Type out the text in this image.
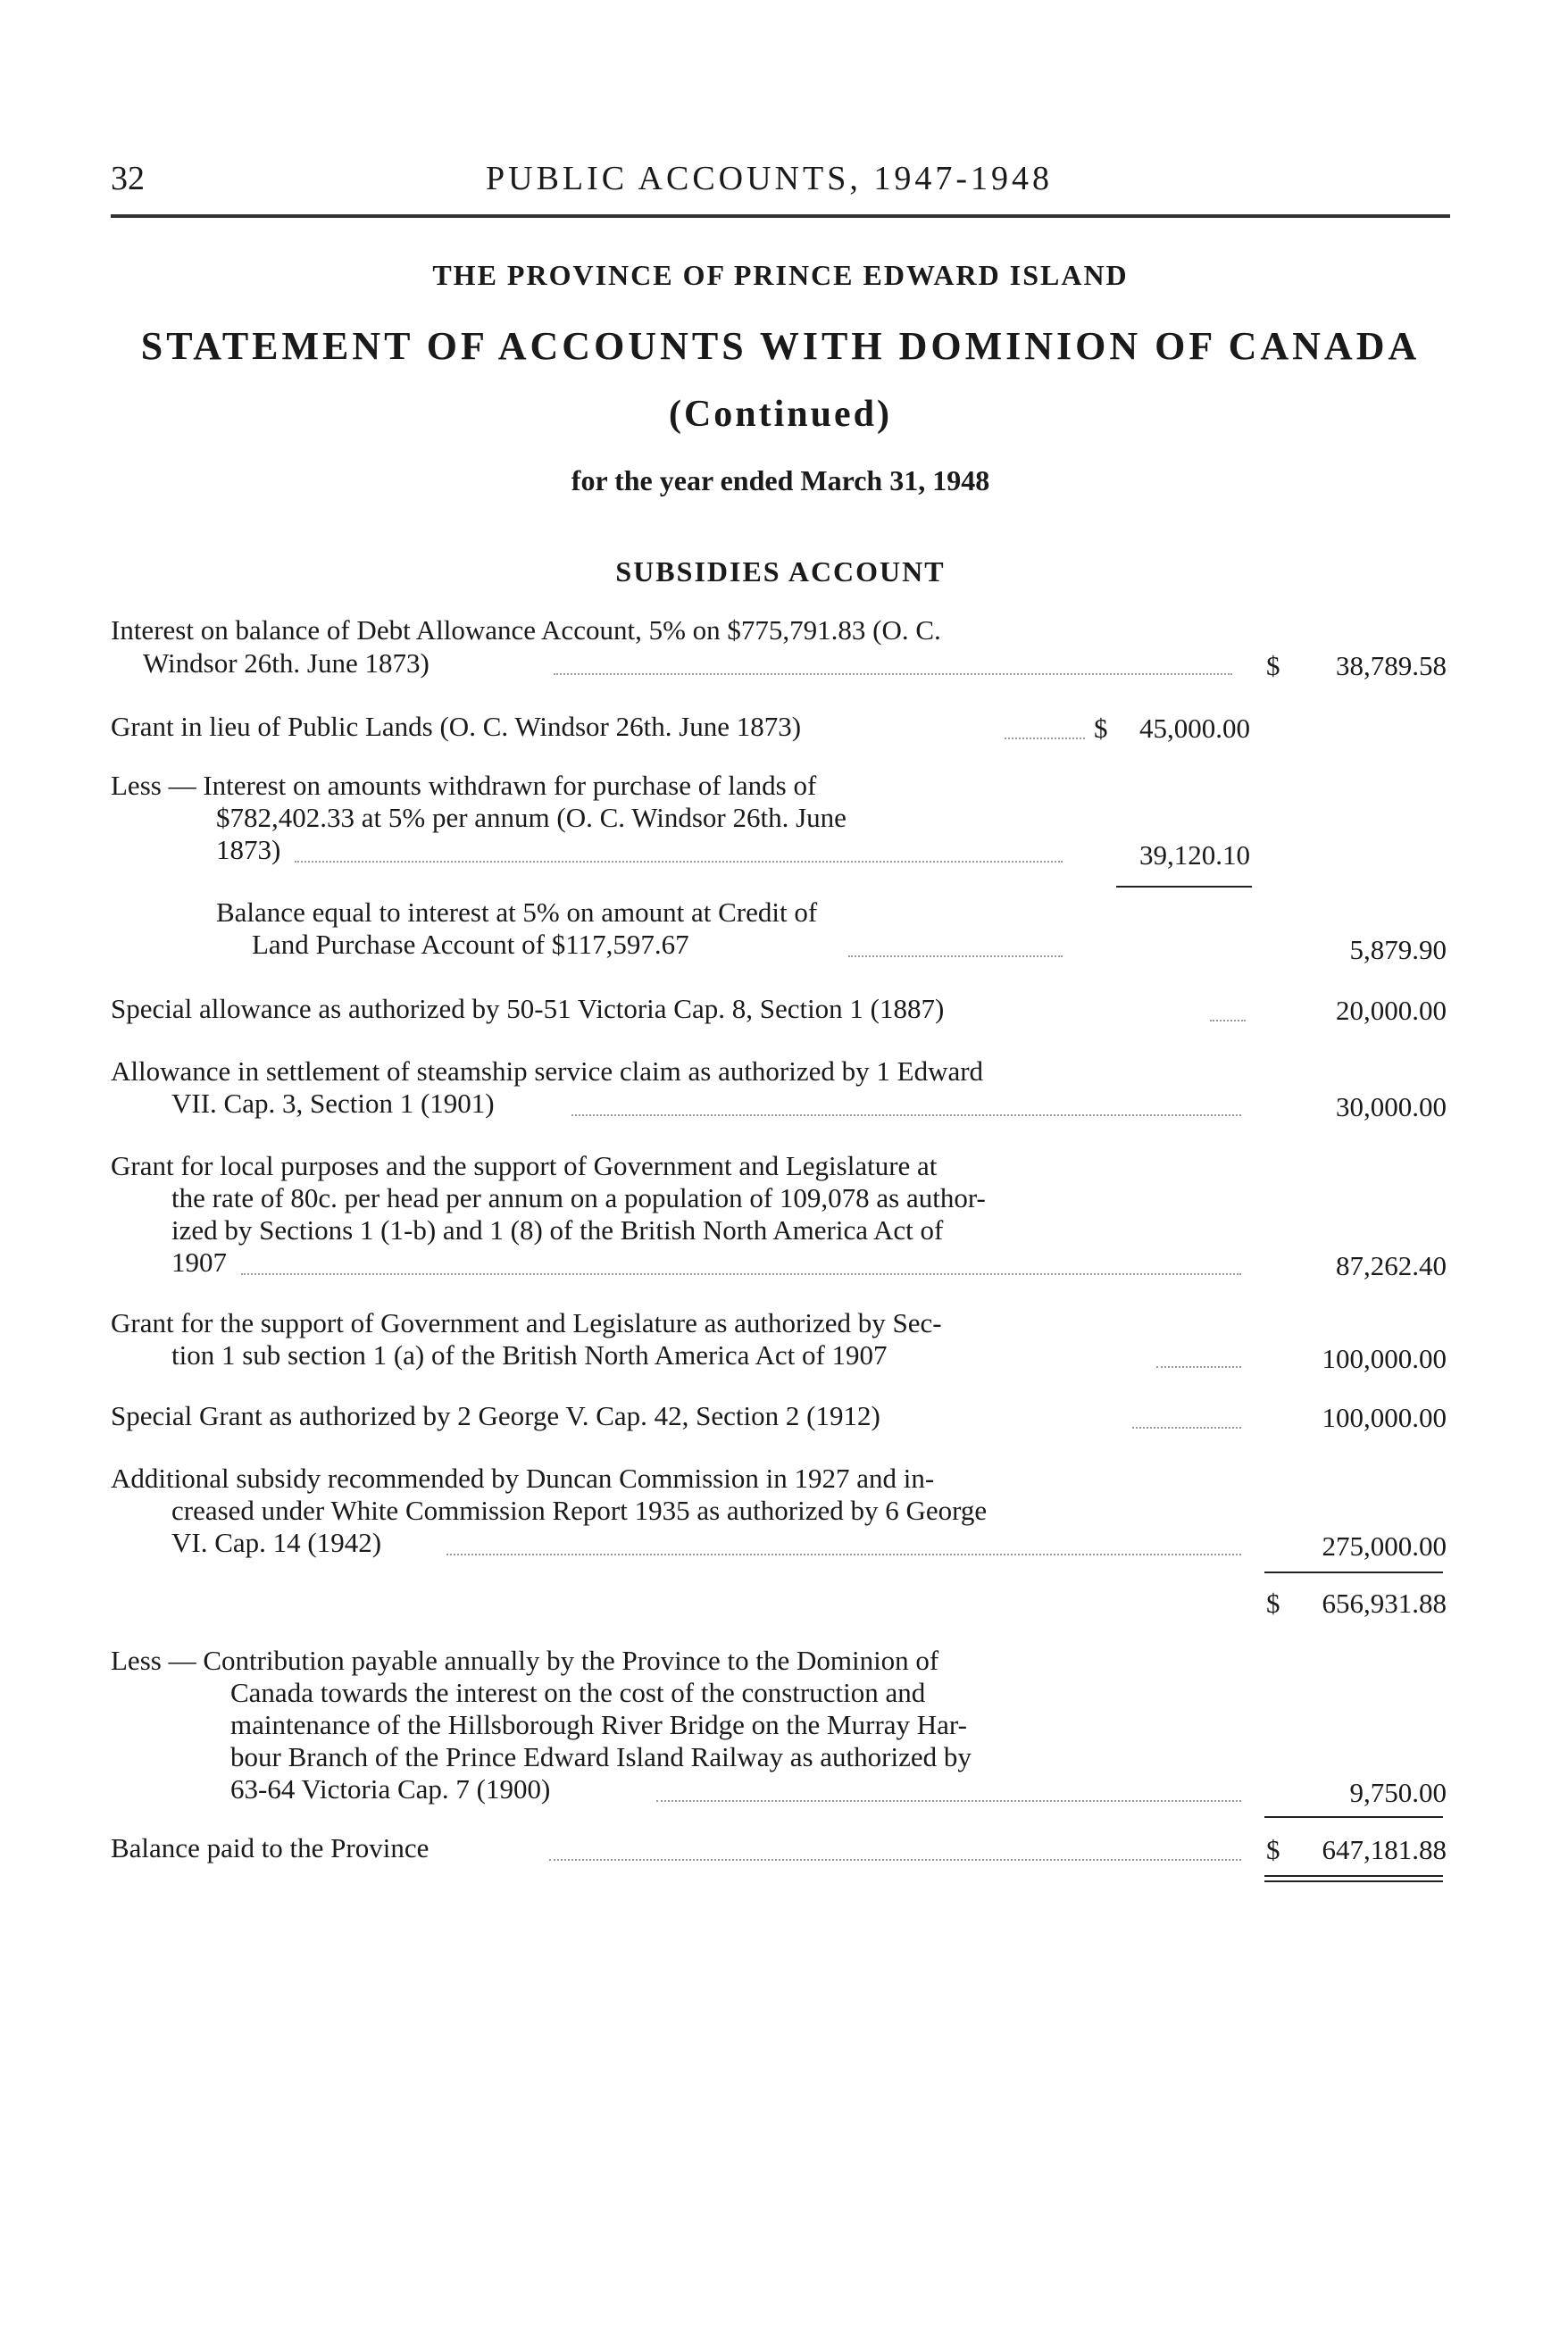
32	PUBLIC ACCOUNTS, 1947-1948
THE PROVINCE OF PRINCE EDWARD ISLAND
STATEMENT OF ACCOUNTS WITH DOMINION OF CANADA
(Continued)
for the year ended March 31, 1948
SUBSIDIES ACCOUNT
Interest on balance of Debt Allowance Account, 5% on $775,791.83 (O. C.
Windsor 26th. June 1873)	$ 38,789.58
Grant in lieu of Public Lands (O. C. Windsor 26th. June 1873)	$ 45,000.00
Less — Interest on amounts withdrawn for purchase of lands of
$782,402.33 at 5% per annum (O. C. Windsor 26th. June
1873)	39,120.10
Balance equal to interest at 5% on amount at Credit of
Land Purchase Account of $117,597.67	5,879.90
Special allowance as authorized by 50-51 Victoria Cap. 8, Section 1 (1887)	20,000.00
Allowance in settlement of steamship service claim as authorized by 1 Edward
VII. Cap. 3, Section 1 (1901)	30,000.00
Grant for local purposes and the support of Government and Legislature at
the rate of 80c. per head per annum on a population of 109,078 as author-
ized by Sections 1 (1-b) and 1 (8) of the British North America Act of
1907	87,262.40
Grant for the support of Government and Legislature as authorized by Sec-
tion 1 sub section 1 (a) of the British North America Act of 1907	100,000.00
Special Grant as authorized by 2 George V. Cap. 42, Section 2 (1912)	100,000.00
Additional subsidy recommended by Duncan Commission in 1927 and in-
creased under White Commission Report 1935 as authorized by 6 George
VI. Cap. 14 (1942)	275,000.00
$ 656,931.88
Less — Contribution payable annually by the Province to the Dominion of
Canada towards the interest on the cost of the construction and
maintenance of the Hillsborough River Bridge on the Murray Har-
bour Branch of the Prince Edward Island Railway as authorized by
63-64 Victoria Cap. 7 (1900)	9,750.00
Balance paid to the Province	$ 647,181.88
